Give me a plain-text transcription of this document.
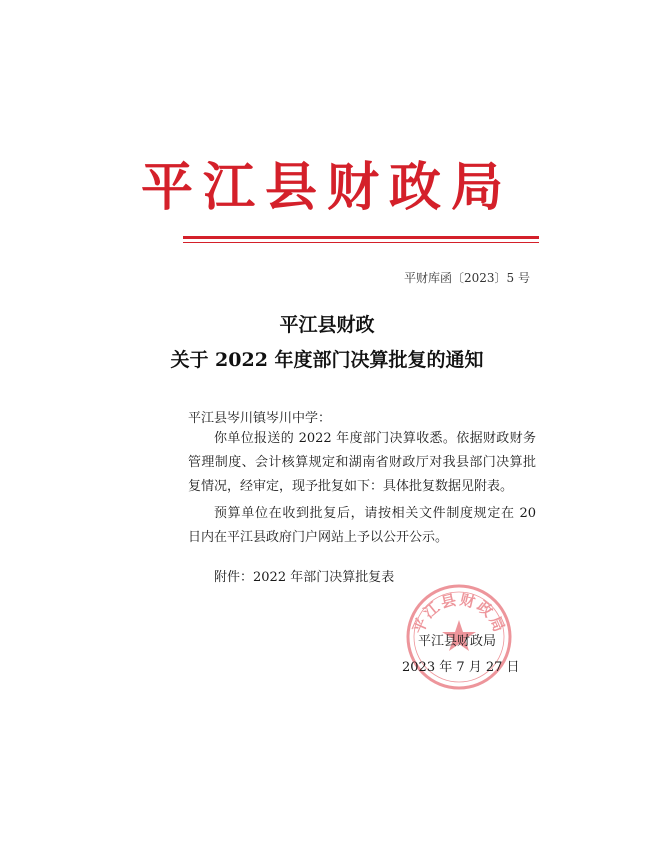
平江县财政局
平财库函〔2023〕5 号
平江县财政
关于 2022 年度部门决算批复的通知
平江县岑川镇岑川中学：
你单位报送的 2022 年度部门决算收悉。依据财政财务管理制度、会计核算规定和湖南省财政厅对我县部门决算批复情况，经审定，现予批复如下：具体批复数据见附表。
预算单位在收到批复后，请按相关文件制度规定在 20 日内在平江县政府门户网站上予以公开公示。
附件：2022 年部门决算批复表
平江县财政局
平江县财政局
2023 年 7 月 27 日
